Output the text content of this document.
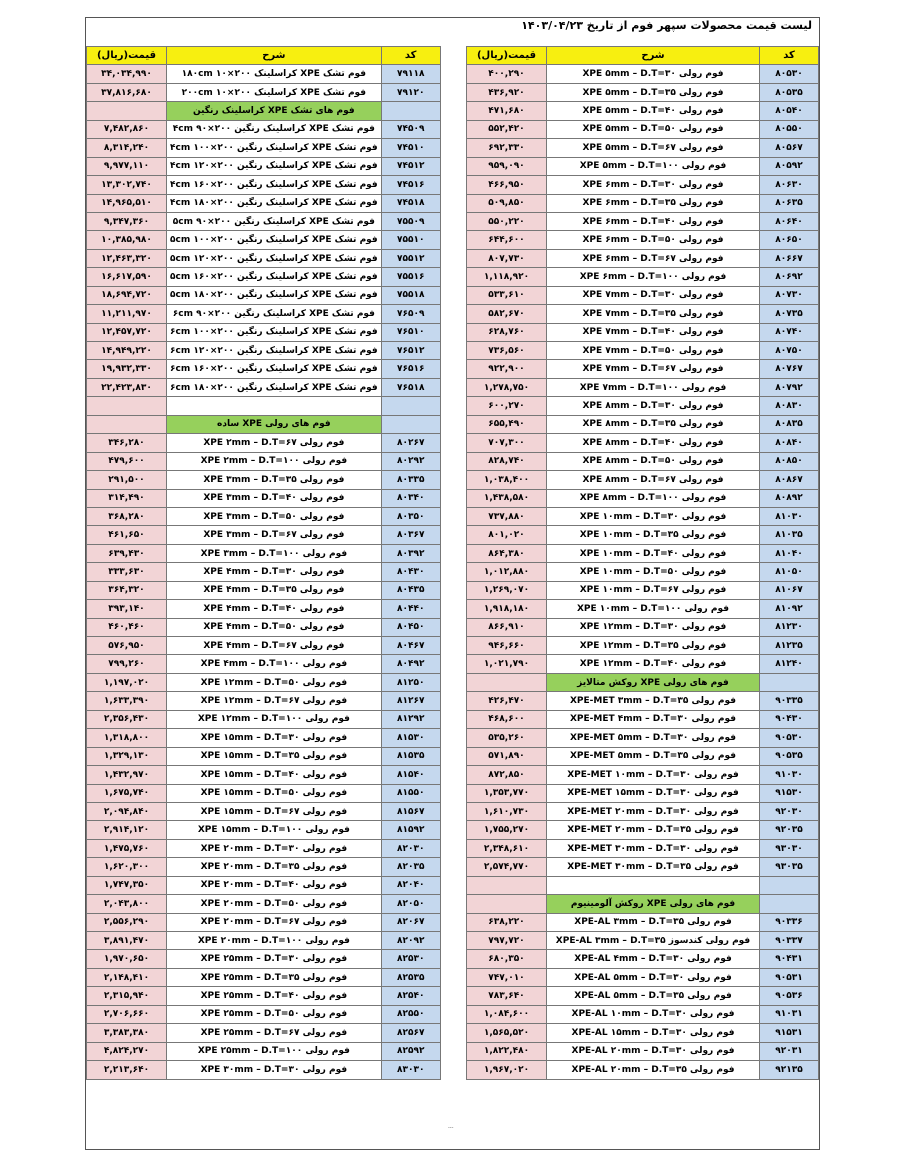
لیست قیمت محصولات سپهر فوم از تاریخ ۱۴۰۳/۰۴/۲۳
کد	شرح	قیمت(ریال)
۷۹۱۱۸	فوم تشک XPE کراسلینک ۲۰۰×۱۸۰cm ۱۰	۳۴,۰۳۴,۹۹۰
۷۹۱۲۰	فوم تشک XPE کراسلینک ۲۰۰×۲۰۰cm ۱۰	۳۷,۸۱۶,۶۸۰
	فوم های تشک XPE کراسلینک رنگین	
۷۴۵۰۹	فوم تشک XPE کراسلینک رنگین ۲۰۰×۹۰ ۴cm	۷,۴۸۲,۸۶۰
۷۴۵۱۰	فوم تشک XPE کراسلینک رنگین ۲۰۰×۱۰۰ ۴cm	۸,۳۱۴,۲۴۰
۷۴۵۱۲	فوم تشک XPE کراسلینک رنگین ۲۰۰×۱۲۰ ۴cm	۹,۹۷۷,۱۱۰
۷۴۵۱۶	فوم تشک XPE کراسلینک رنگین ۲۰۰×۱۶۰ ۴cm	۱۳,۳۰۲,۷۴۰
۷۴۵۱۸	فوم تشک XPE کراسلینک رنگین ۲۰۰×۱۸۰ ۴cm	۱۴,۹۶۵,۵۱۰
۷۵۵۰۹	فوم تشک XPE کراسلینک رنگین ۲۰۰×۹۰ ۵cm	۹,۳۴۷,۳۶۰
۷۵۵۱۰	فوم تشک XPE کراسلینک رنگین ۲۰۰×۱۰۰ ۵cm	۱۰,۳۸۵,۹۸۰
۷۵۵۱۲	فوم تشک XPE کراسلینک رنگین ۲۰۰×۱۲۰ ۵cm	۱۲,۴۶۳,۳۲۰
۷۵۵۱۶	فوم تشک XPE کراسلینک رنگین ۲۰۰×۱۶۰ ۵cm	۱۶,۶۱۷,۵۹۰
۷۵۵۱۸	فوم تشک XPE کراسلینک رنگین ۲۰۰×۱۸۰ ۵cm	۱۸,۶۹۴,۷۲۰
۷۶۵۰۹	فوم تشک XPE کراسلینک رنگین ۲۰۰×۹۰ ۶cm	۱۱,۲۱۱,۹۷۰
۷۶۵۱۰	فوم تشک XPE کراسلینک رنگین ۲۰۰×۱۰۰ ۶cm	۱۲,۴۵۷,۷۲۰
۷۶۵۱۲	فوم تشک XPE کراسلینک رنگین ۲۰۰×۱۲۰ ۶cm	۱۴,۹۴۹,۲۲۰
۷۶۵۱۶	فوم تشک XPE کراسلینک رنگین ۲۰۰×۱۶۰ ۶cm	۱۹,۹۳۲,۳۳۰
۷۶۵۱۸	فوم تشک XPE کراسلینک رنگین ۲۰۰×۱۸۰ ۶cm	۲۲,۴۲۳,۸۳۰

	فوم های رولی XPE ساده	
۸۰۲۶۷	فوم رولی XPE ۲mm – D.T=۶۷	۳۴۶,۲۸۰
۸۰۲۹۲	فوم رولی XPE ۲mm – D.T=۱۰۰	۴۷۹,۶۰۰
۸۰۳۳۵	فوم رولی XPE ۳mm – D.T=۳۵	۲۹۱,۵۰۰
۸۰۳۴۰	فوم رولی XPE ۳mm – D.T=۴۰	۳۱۴,۴۹۰
۸۰۳۵۰	فوم رولی XPE ۳mm – D.T=۵۰	۳۶۸,۲۸۰
۸۰۳۶۷	فوم رولی XPE ۳mm – D.T=۶۷	۴۶۱,۶۵۰
۸۰۳۹۲	فوم رولی XPE ۳mm – D.T=۱۰۰	۶۳۹,۴۳۰
۸۰۴۳۰	فوم رولی XPE ۴mm – D.T=۳۰	۳۳۳,۶۳۰
۸۰۴۳۵	فوم رولی XPE ۴mm – D.T=۳۵	۳۶۴,۳۲۰
۸۰۴۴۰	فوم رولی XPE ۴mm – D.T=۴۰	۳۹۳,۱۴۰
۸۰۴۵۰	فوم رولی XPE ۴mm – D.T=۵۰	۴۶۰,۴۶۰
۸۰۴۶۷	فوم رولی XPE ۴mm – D.T=۶۷	۵۷۶,۹۵۰
۸۰۴۹۲	فوم رولی XPE ۴mm – D.T=۱۰۰	۷۹۹,۲۶۰
۸۱۲۵۰	فوم رولی XPE ۱۲mm – D.T=۵۰	۱,۱۹۷,۰۲۰
۸۱۲۶۷	فوم رولی XPE ۱۲mm – D.T=۶۷	۱,۶۳۳,۳۹۰
۸۱۲۹۲	فوم رولی XPE ۱۲mm – D.T=۱۰۰	۲,۳۵۶,۴۳۰
۸۱۵۳۰	فوم رولی XPE ۱۵mm – D.T=۳۰	۱,۳۱۸,۸۰۰
۸۱۵۳۵	فوم رولی XPE ۱۵mm – D.T=۳۵	۱,۳۲۹,۱۳۰
۸۱۵۴۰	فوم رولی XPE ۱۵mm – D.T=۴۰	۱,۴۳۲,۹۷۰
۸۱۵۵۰	فوم رولی XPE ۱۵mm – D.T=۵۰	۱,۶۷۵,۷۴۰
۸۱۵۶۷	فوم رولی XPE ۱۵mm – D.T=۶۷	۲,۰۹۴,۸۴۰
۸۱۵۹۲	فوم رولی XPE ۱۵mm – D.T=۱۰۰	۲,۹۱۴,۱۲۰
۸۲۰۳۰	فوم رولی XPE ۲۰mm – D.T=۳۰	۱,۴۷۵,۷۶۰
۸۲۰۳۵	فوم رولی XPE ۲۰mm – D.T=۳۵	۱,۶۲۰,۳۰۰
۸۲۰۴۰	فوم رولی XPE ۲۰mm – D.T=۴۰	۱,۷۴۷,۳۵۰
۸۲۰۵۰	فوم رولی XPE ۲۰mm – D.T=۵۰	۲,۰۴۳,۸۰۰
۸۲۰۶۷	فوم رولی XPE ۲۰mm – D.T=۶۷	۲,۵۵۶,۲۹۰
۸۲۰۹۲	فوم رولی XPE ۲۰mm – D.T=۱۰۰	۳,۸۹۱,۴۷۰
۸۲۵۳۰	فوم رولی XPE ۲۵mm – D.T=۳۰	۱,۹۷۰,۶۵۰
۸۲۵۳۵	فوم رولی XPE ۲۵mm – D.T=۳۵	۲,۱۴۸,۴۱۰
۸۲۵۴۰	فوم رولی XPE ۲۵mm – D.T=۴۰	۲,۳۱۵,۹۴۰
۸۲۵۵۰	فوم رولی XPE ۲۵mm – D.T=۵۰	۲,۷۰۶,۶۶۰
۸۲۵۶۷	فوم رولی XPE ۲۵mm – D.T=۶۷	۳,۳۸۳,۳۸۰
۸۲۵۹۲	فوم رولی XPE ۲۵mm – D.T=۱۰۰	۴,۸۲۴,۲۷۰
۸۳۰۳۰	فوم رولی XPE ۳۰mm – D.T=۳۰	۲,۲۱۳,۶۴۰
کد	شرح	قیمت(ریال)
۸۰۵۳۰	فوم رولی XPE ۵mm – D.T=۳۰	۴۰۰,۲۹۰
۸۰۵۳۵	فوم رولی XPE ۵mm – D.T=۳۵	۴۳۶,۹۲۰
۸۰۵۴۰	فوم رولی XPE ۵mm – D.T=۴۰	۴۷۱,۶۸۰
۸۰۵۵۰	فوم رولی XPE ۵mm – D.T=۵۰	۵۵۲,۴۲۰
۸۰۵۶۷	فوم رولی XPE ۵mm – D.T=۶۷	۶۹۲,۳۳۰
۸۰۵۹۲	فوم رولی XPE ۵mm – D.T=۱۰۰	۹۵۹,۰۹۰
۸۰۶۳۰	فوم رولی XPE ۶mm – D.T=۳۰	۴۶۶,۹۵۰
۸۰۶۳۵	فوم رولی XPE ۶mm – D.T=۳۵	۵۰۹,۸۵۰
۸۰۶۴۰	فوم رولی XPE ۶mm – D.T=۴۰	۵۵۰,۲۲۰
۸۰۶۵۰	فوم رولی XPE ۶mm – D.T=۵۰	۶۴۴,۶۰۰
۸۰۶۶۷	فوم رولی XPE ۶mm – D.T=۶۷	۸۰۷,۷۳۰
۸۰۶۹۲	فوم رولی XPE ۶mm – D.T=۱۰۰	۱,۱۱۸,۹۲۰
۸۰۷۳۰	فوم رولی XPE ۷mm – D.T=۳۰	۵۳۳,۶۱۰
۸۰۷۳۵	فوم رولی XPE ۷mm – D.T=۳۵	۵۸۲,۶۷۰
۸۰۷۴۰	فوم رولی XPE ۷mm – D.T=۴۰	۶۲۸,۷۶۰
۸۰۷۵۰	فوم رولی XPE ۷mm – D.T=۵۰	۷۳۶,۵۶۰
۸۰۷۶۷	فوم رولی XPE ۷mm – D.T=۶۷	۹۲۲,۹۰۰
۸۰۷۹۲	فوم رولی XPE ۷mm – D.T=۱۰۰	۱,۲۷۸,۷۵۰
۸۰۸۳۰	فوم رولی XPE ۸mm – D.T=۳۰	۶۰۰,۲۷۰
۸۰۸۳۵	فوم رولی XPE ۸mm – D.T=۳۵	۶۵۵,۴۹۰
۸۰۸۴۰	فوم رولی XPE ۸mm – D.T=۴۰	۷۰۷,۳۰۰
۸۰۸۵۰	فوم رولی XPE ۸mm – D.T=۵۰	۸۲۸,۷۴۰
۸۰۸۶۷	فوم رولی XPE ۸mm – D.T=۶۷	۱,۰۳۸,۴۰۰
۸۰۸۹۲	فوم رولی XPE ۸mm – D.T=۱۰۰	۱,۴۳۸,۵۸۰
۸۱۰۳۰	فوم رولی XPE ۱۰mm – D.T=۳۰	۷۳۷,۸۸۰
۸۱۰۳۵	فوم رولی XPE ۱۰mm – D.T=۳۵	۸۰۱,۰۲۰
۸۱۰۴۰	فوم رولی XPE ۱۰mm – D.T=۴۰	۸۶۴,۳۸۰
۸۱۰۵۰	فوم رولی XPE ۱۰mm – D.T=۵۰	۱,۰۱۲,۸۸۰
۸۱۰۶۷	فوم رولی XPE ۱۰mm – D.T=۶۷	۱,۲۶۹,۰۷۰
۸۱۰۹۲	فوم رولی XPE ۱۰mm – D.T=۱۰۰	۱,۹۱۸,۱۸۰
۸۱۲۳۰	فوم رولی XPE ۱۲mm – D.T=۳۰	۸۶۶,۹۱۰
۸۱۲۳۵	فوم رولی XPE ۱۲mm – D.T=۳۵	۹۴۶,۶۶۰
۸۱۲۴۰	فوم رولی XPE ۱۲mm – D.T=۴۰	۱,۰۲۱,۷۹۰
	فوم های رولی XPE روکش متالایز	
۹۰۳۳۵	فوم رولی XPE-MET ۳mm – D.T=۳۵	۴۲۶,۴۷۰
۹۰۴۳۰	فوم رولی XPE-MET ۴mm – D.T=۳۰	۴۶۸,۶۰۰
۹۰۵۳۰	فوم رولی XPE-MET ۵mm – D.T=۳۰	۵۳۵,۲۶۰
۹۰۵۳۵	فوم رولی XPE-MET ۵mm – D.T=۳۵	۵۷۱,۸۹۰
۹۱۰۳۰	فوم رولی XPE-MET ۱۰mm – D.T=۳۰	۸۷۲,۸۵۰
۹۱۵۳۰	فوم رولی XPE-MET ۱۵mm – D.T=۳۰	۱,۳۵۳,۷۷۰
۹۲۰۳۰	فوم رولی XPE-MET ۲۰mm – D.T=۳۰	۱,۶۱۰,۷۳۰
۹۲۰۳۵	فوم رولی XPE-MET ۲۰mm – D.T=۳۵	۱,۷۵۵,۲۷۰
۹۳۰۳۰	فوم رولی XPE-MET ۳۰mm – D.T=۳۰	۲,۳۴۸,۶۱۰
۹۳۰۳۵	فوم رولی XPE-MET ۳۰mm – D.T=۳۵	۲,۵۷۴,۷۷۰

	فوم های رولی XPE روکش آلومینیوم	
۹۰۳۳۶	فوم رولی XPE-AL ۳mm – D.T=۳۵	۶۳۸,۲۲۰
۹۰۳۳۷	فوم رولی کندسوز XPE-AL ۳mm – D.T=۳۵	۷۹۷,۷۲۰
۹۰۴۳۱	فوم رولی XPE-AL ۴mm – D.T=۳۰	۶۸۰,۳۵۰
۹۰۵۳۱	فوم رولی XPE-AL ۵mm – D.T=۳۰	۷۴۷,۰۱۰
۹۰۵۳۶	فوم رولی XPE-AL ۵mm – D.T=۳۵	۷۸۳,۶۴۰
۹۱۰۳۱	فوم رولی XPE-AL ۱۰mm – D.T=۳۰	۱,۰۸۴,۶۰۰
۹۱۵۳۱	فوم رولی XPE-AL ۱۵mm – D.T=۳۰	۱,۵۶۵,۵۲۰
۹۲۰۳۱	فوم رولی XPE-AL ۲۰mm – D.T=۳۰	۱,۸۲۲,۴۸۰
۹۲۱۳۵	فوم رولی XPE-AL ۲۰mm – D.T=۳۵	۱,۹۶۷,۰۲۰
---
